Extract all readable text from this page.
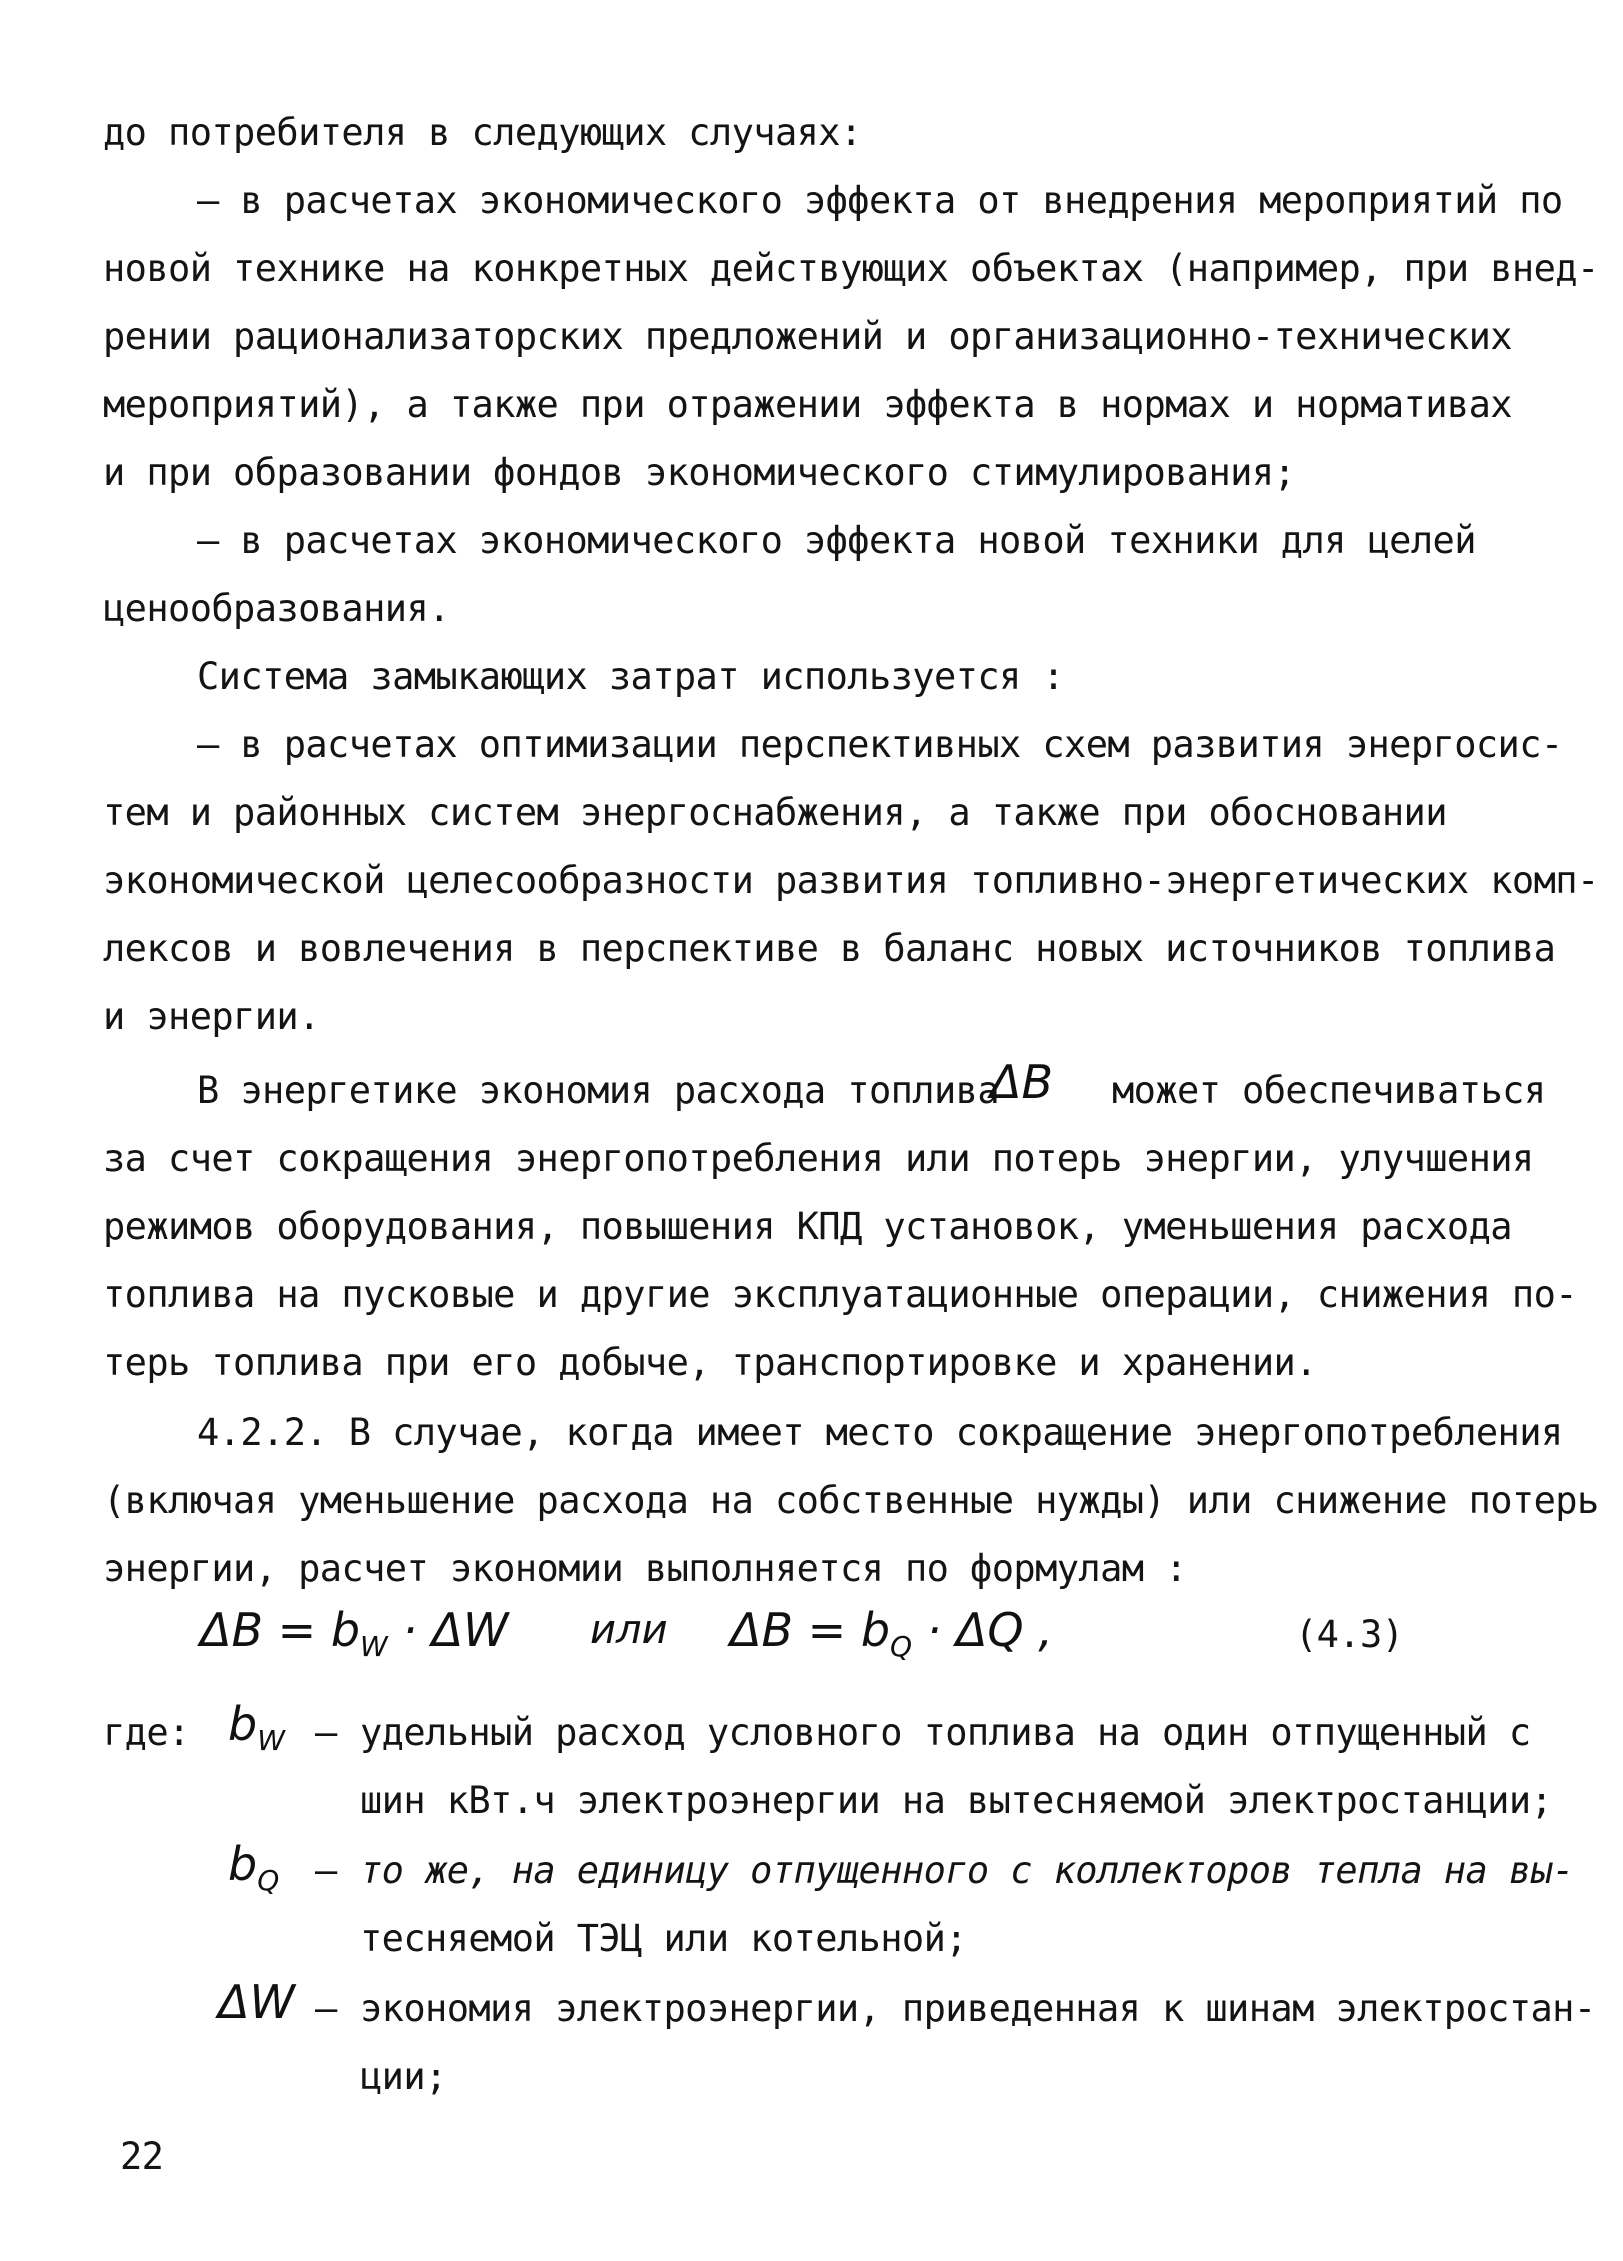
до потребителя в следующих случаях:
– в расчетах экономического эффекта от внедрения мероприятий по
новой технике на конкретных действующих объектах (например, при внед-
рении рационализаторских предложений и организационно-технических
мероприятий), а также при отражении эффекта в нормах и нормативах
и при образовании фондов экономического стимулирования;
– в расчетах экономического эффекта новой техники для целей
ценообразования.
Система замыкающих затрат используется :
– в расчетах оптимизации перспективных схем развития энергосис-
тем и районных систем энергоснабжения, а также при обосновании
экономической целесообразности развития топливно-энергетических комп-
лексов и вовлечения в перспективе в баланс новых источников топлива
и энергии.
В энергетике экономия расхода топлива
ΔB может обеспечиваться
за счет сокращения энергопотребления или потерь энергии, улучшения
режимов оборудования, повышения КПД установок, уменьшения расхода
топлива на пусковые и другие эксплуатационные операции, снижения по-
терь топлива при его добыче, транспортировке и хранении.
4.2.2. В случае, когда имеет место сокращение энергопотребления
(включая уменьшение расхода на собственные нужды) или снижение потерь
энергии, расчет экономии выполняется по формулам :
$\Delta B = b_W \cdot \Delta W$ или $\Delta B = b_Q \cdot \Delta Q$ ,	(4.3)
где: $b_W$ – удельный расход условного топлива на один отпущенный с
шин кВт.ч электроэнергии на вытесняемой электростанции;
$b_Q$ – то же, на единицу отпущенного с коллекторов тепла на вы-
тесняемой ТЭЦ или котельной;
ΔW – экономия электроэнергии, приведенная к шинам электростан-
ции;
22
